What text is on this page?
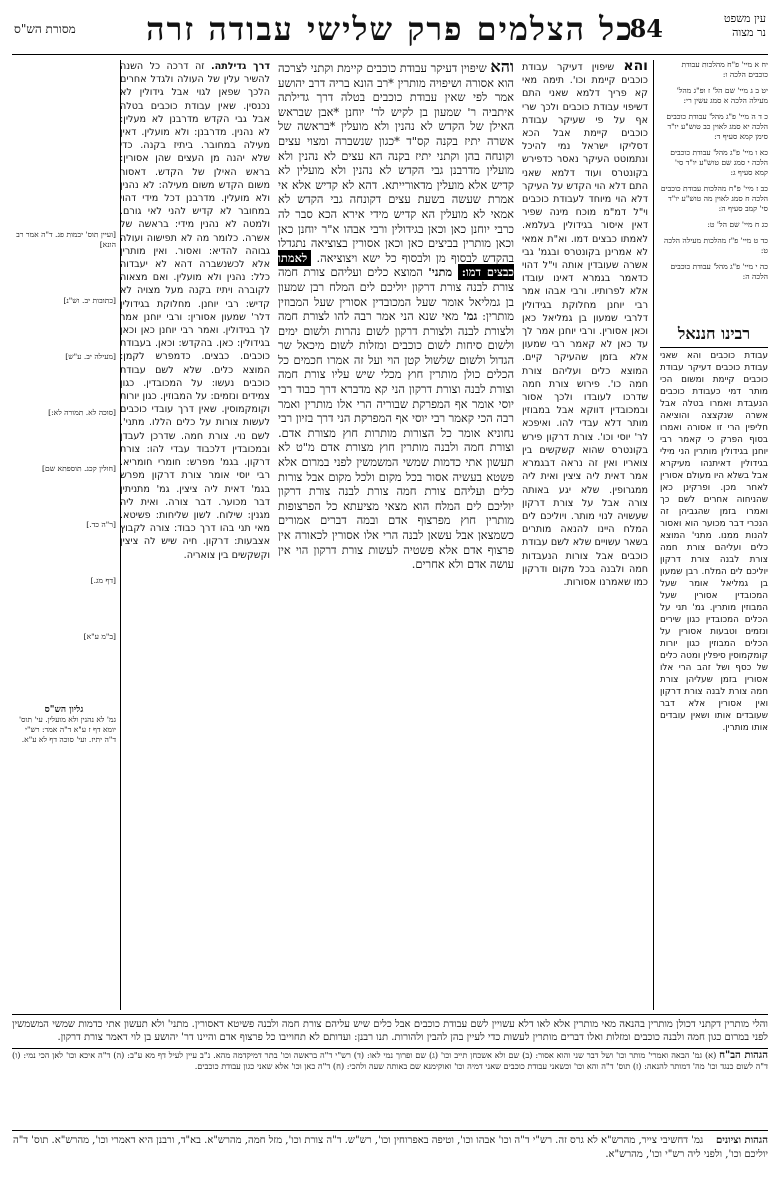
עין משפט
נר מצוה
84
כל הצלמים פרק שלישי עבודה זרה
מסורת הש"ס
יח א מיי' פ"ח מהלכות עבודת כוכבים הלכה ו:
יט ב ג מיי' שם הל' ז ופ"ג מהל' מעילה הלכה א סמג עשין רי:
כ ד ה מיי' פ"ג מהל' עבודת כוכבים הלכה יא סמג לאוין כב טוש"ע יו"ד סימן קמא סעיף ד:
כא ו מיי' פ"ג מהל' עבודת כוכבים הלכה י סמג שם טוש"ע יו"ד סי' קמא סעיף ג:
כב ז מיי' פ"ח מהלכות עבודת כוכבים הלכה ח סמג לאוין מה טוש"ע יו"ד סי' קמב סעיף ה:
כג ח מיי' שם הל' ט:
כד ט מיי' פ"ז מהלכות מעילה הלכה ט:
כה י מיי' פ"ג מהל' עבודת כוכבים הלכה ה:
רבינו חננאל

עבודת כוכבים והא שאני עבודת כוכבים דעיקר עבודת כוכבים קיימת ומשום הכי מותר דמי כעבודת כוכבים הנעבדת ואמרו בטלה אבל אשרה שנקצצה והוציאה חליפין הרי זו אסורה ואמרו בסוף הפרק כי קאמר רבי יוחנן בגידולין מותרין הני מילי בגידולין דאיתנהו מעיקרא אבל בשלא היו מעולם אסורין לאחר מכן. ופרקינן כאן שהניחוה אחרים לשם כך ואמרו בזמן שהגביהן זה הנכרי דבר מכוער הוא ואסור להנות ממנו. מתני' המוצא כלים ועליהם צורת חמה צורת לבנה צורת דרקון יוליכם לים המלח. רבן שמעון בן גמליאל אומר שעל המכובדין אסורין שעל המבוזין מותרין. גמ' תני על הכלים המכובדין כגון שירים ונזמים וטבעות אסורין על הכלים המבוזין כגון יורות קומקמוסין סיפלין ומטה כלים של כסף ושל זהב הרי אלו אסורין בזמן שעליהן צורת חמה צורת לבנה צורת דרקון ואין אסורין אלא דבר שעובדים אותו ושאין עובדים אותו מותרין.

והא שיפוין דעיקר עבודת כוכבים קיימת וכו'. תימה מאי קא פריך דלמא שאני התם דשיפוי עבודת כוכבים ולכך שרי אף על פי שעיקר עבודת כוכבים קיימת אבל הכא דסליקו ישראל נמי להיכל ונתמוטט העיקר נאסר כדפירש בקונטרס ועוד דלמא שאני התם דלא הוי הקדש על העיקר דלא הוי מיוחד לעבודת כוכבים וי"ל דמ"מ מוכח מינה שפיר דאין איסור בגידולין בעלמא. לאמתו כבצים דמו. וא"ת אמאי לא אמרינן בקונטרס ובגמ' גבי אשרה שעובדין אותה וי"ל דהוי כדאמר בגמרא דאינו עובדו אלא לפרותיו. ורבי אבהו אמר רבי יוחנן מחלוקת בגידולין דלרבי שמעון בן גמליאל כאן וכאן אסורין. ורבי יוחנן אמר לך עד כאן לא קאמר רבי שמעון אלא בזמן שהעיקר קיים. המוצא כלים ועליהם צורת חמה כו'. פירוש צורת חמה שדרכו לעובדו ולכך אסור ובמכובדין דווקא אבל במבוזין מותר דלא עבדי להו. ואיפכא לר' יוסי וכו'. צורת דרקון פירש בקונטרס שהוא קשקשים בין צואריו ואין זה נראה דבגמרא אמר דאית ליה ציצין ואית ליה ממגרופין. שלא יגע באותה צורה אבל על צורת דרקון שעשויה לנוי מותר. ויוליכם לים המלח היינו להנאה מותרים בשאר עשויים שלא לשם עבודת כוכבים אבל צורות הנעבדות חמה ולבנה בכל מקום ודרקון כמו שאמרנו אסורות.

והא שיפוין דעיקר עבודת כוכבים קיימת וקתני לצרכה הוא אסורה ושיפויה מותרין *רב הונא בריה דרב יהושע אמר לפי שאין עבודת כוכבים בטלה דרך גדילתה איתביה ר' שמעון בן לקיש לר' יוחנן *אבן שבראש האילן של הקדש לא נהנין ולא מועלין *בראשה של אשרה יתיז בקנה קס"ד *כגון שנשברה ומצוי עצים וקונחה בהן וקתני יתיז בקנה הא עצים לא נהנין ולא מועלין מדרבנן גבי הקדש לא נהנין ולא מועלין לא קדיש אלא מועלין מדאורייתא. דהא לא קדיש אלא אי אמרת שעשה בשעת עצים דקונחה גבי הקדש לא אמאי לא מועלין הא קדיש מידי אירא הכא סבר לה כרבי יוחנן כאן וכאן בגידולין ורבי אבהו א"ר יוחנן כאן וכאן מותרין בביצים כאן וכאן אסורין בצוציאה נתגדלו בהקדש לבסוף מן ולבסוף כל ישא ויצוציאה. לאמתו כבצים דמו: מתני' המוצא כלים ועליהם צורת חמה צורת לבנה צורת דרקון יוליכם לים המלח רבן שמעון בן גמליאל אומר שעל המכובדין אסורין שעל המבוזין מותרין: גמ' מאי שנא הני אמר רבה להו לצורת חמה ולצורת לבנה ולצורת דרקון לשום נהרות ולשום ימים ולשום סיחות לשום כוכבים ומזלות לשום מיכאל שר הגדול ולשום שלשול קטן הוי ועל זה אמרו חכמים כל הכלים כולן מותרין חוץ מכלי שיש עליו צורת חמה וצורת לבנה וצורת דרקון הני קא מדברא דרך כבוד רבי יוסי אומר אף המפרקת שבוריה הרי אלו מותרין ואמר רבה הכי קאמר רבי יוסי אף המפרקת הני דרך בזיון רבי נחוניא אומר כל הצורות מותרות חוץ מצורת אדם. וצורת חמה ולבנה מותרין חוץ מצורת אדם מ"ט לא תעשון אתי כדמות שמשי המשמשין לפני במרום אלא פשטא בעשיה אסור בכל מקום ולכל מקום אבל צורות כלים ועליהם צורת חמה צורת לבנה צורת דרקון יוליכם לים המלח הוא מצאי מציעתא כל הפרצופות מותרין חוץ מפרצוף אדם ובמה דברים אמורים כשמצאן אבל עשאן לבנה הרי אלו אסורין לכאורה אין פרצוף אדם אלא פשטיה לעשות צורת דרקון הוי אין עושה אדם ולא אחרים.

דרך גדילתה. זה דרכה כל השנה להשיר עלין של העולה ולגדל אחרים הלכך שפאן לגוי אבל גידולין לא נכנסין. שאין עבודת כוכבים בטלה אבל גבי הקדש מדרבנן לא מעלין: לא נהנין. מדרבנן: ולא מועלין. דאין מעילה במחובר. ביתיז בקנה. כדי שלא יהנה מן העצים שהן אסורין: בראש האילן של הקדש. דאסור משום הקדש משום מעילה: לא נהנין ולא מועלין. מדרבנן דכל מידי דהוי במחובר לא קדיש להני לאי גורם. ולמטה לא נהנין מידי: בראשה של אשרה. כלומר מה לא תפישוה ועולה גבוהה להדיא: ואסור. ואין מותרין אלא לכשנשברה דהא לא יעבדוה כלל: נהנין ולא מועלין. ואם מצאוה לקוברה ויתיז בקנה מעל מצויה לא קדיש: רבי יוחנן. מחלוקת בגידולין דלר' שמעון אסורין: ורבי יוחנן אמר לך בגידולין. ואמר רבי יוחנן כאן וכאן בגידולין: כאן. בהקדש: וכאן. בעבודת כוכבים. כבצים. כדמפרש לקמן: המוצא כלים. שלא לשם עבודת כוכבים נעשו: על המכובדין. כגון צמידים ונזמים: על המבוזין. כגון יורות וקומקמוסין. שאין דרך עובדי כוכבים לעשות צורות על כלים הללו. מתני'. לשם נוי. צורת חמה. שדרכן לעבדן ובמכובדין דלכבוד עבדי להו: צורת דרקון. בגמ' מפרש: חומרי חומריא. רבי יוסי אומר צורת דרקון מפרש בגמ' דאית ליה ציצין. גמ' מתניתין דבר מכוער. דבר צורה. ואית ליה מגנין: שילוח. לשון שליחות: פשיטא. מאי תני בהו דרך כבוד: צורה לקבוץ אצבעות: דרקון. חיה שיש לה ציצין וקשקשים בין צואריה.

[ועיין תוס' יבמות פג. ד"ה אמר רב הונא]
[כתובות יב. וש"נ]
[מעילה יב. ע"ש]
[סוכה לא. תמורה לא:]
[חולין קכג. תוספתא שם]
[ר"ה כד.]
[דף מג.]
[ב"מ ע"א]
גליון הש"ס
גמ' לא נהנין ולא מועלין. עי' תוס' יומא דף ז ע"א ד"ה אמר: רש"י ד"ה יתיז. ועי' סוכה דף לא ע"א.
והלי מותרין דקתני דכולן מותרין בהנאה מאי מותרין אלא לאו דלא עשויין לשם עבודת כוכבים אבל כלים שיש עליהם צורת חמה ולבנה פשיטא דאסורין. מתני' ולא תעשון אתי כדמות שמשי המשמשין לפני במרום כגון חמה ולבנה כוכבים ומזלות ואלו דברים מותרין לעשות כדי לעיין בהן להבין ולהורות. תנו רבנן: ועדותם לא תחוייבו כל פרצוף אדם והיינו דר' יהושע בן לוי דאמר צורת דרקון.
הגהות הב"ח (א) גמ' הבאה ואמרי' מותר וכו' ושל דבר שני והוא אסור: (ב) שם ולא אשכחן תייב וכו' (ג) שם ופרוך נמי לאו: (ד) רש"י ד"ה בראשה וכו' בתר דמיקדמה מהא. נ"ב עיין לעיל דף מא ע"ב: (ה) ד"ה איכא וכו' לאן הכי נמי: (ו) ד"ה לשום כנגד וכו' מה' דמותר להנאה: (ז) תוס' ד"ה והא וכו' וכשאני עבודת כוכבים שאני דמיה וכו' ואוקימנא שם באותה שעה ולהכי: (ח) ד"ה כאן וכו' אלא שאני כגון עבודת כוכבים.
הגהות וציונים    גמ' דחשיבי צייר, מהרש"א לא גרס זה. רש"י ד"ה וכו' אבהו וכו', וטיפה באפרוחין וכו', רש"ש. ד"ה צורת וכו', מזל חמה, מהרש"א. בא"ד, ורבנן היא דאמרי וכו', מהרש"א. תוס' ד"ה יוליכם וכו', ולפני ליה רש"י וכו', מהרש"א.
